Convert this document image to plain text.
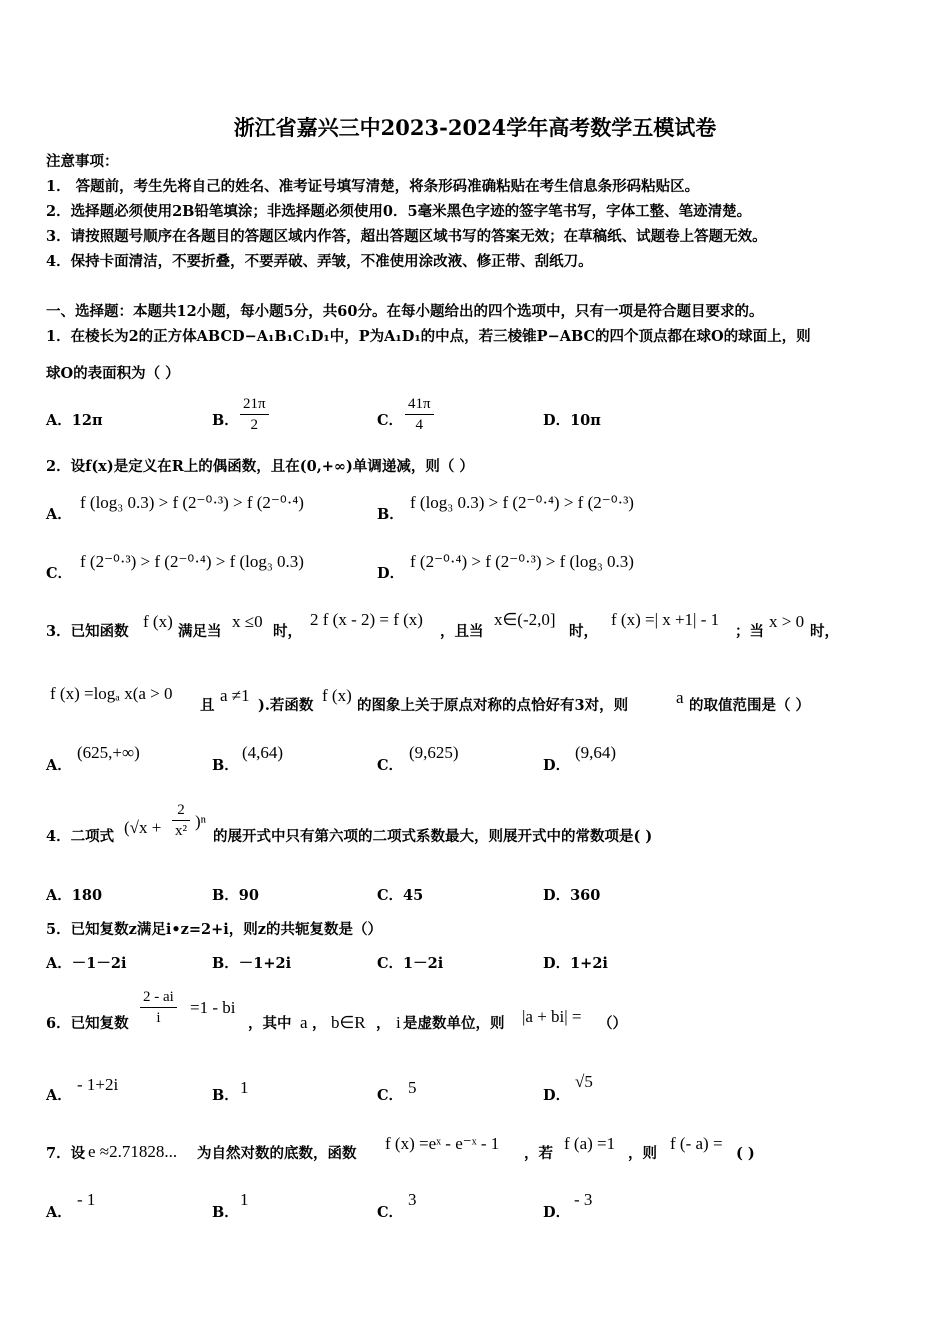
浙江省嘉兴三中2023-2024学年高考数学五模试卷
注意事项：
1． 答题前，考生先将自己的姓名、准考证号填写清楚，将条形码准确粘贴在考生信息条形码粘贴区。
2．选择题必须使用2B铅笔填涂；非选择题必须使用0．5毫米黑色字迹的签字笔书写，字体工整、笔迹清楚。
3．请按照题号顺序在各题目的答题区域内作答，超出答题区域书写的答案无效；在草稿纸、试题卷上答题无效。
4．保持卡面清洁，不要折叠，不要弄破、弄皱，不准使用涂改液、修正带、刮纸刀。
一、选择题：本题共12小题，每小题5分，共60分。在每小题给出的四个选项中，只有一项是符合题目要求的。
1．在棱长为2的正方体ABCD−A₁B₁C₁D₁中，P为A₁D₁的中点，若三棱锥P−ABC的四个顶点都在球O的球面上，则
球O的表面积为（ ）
A．12π	B． $\frac{21\pi}{2}$	C． $\frac{41\pi}{4}$	D．10π
2．设f(x)是定义在R上的偶函数，且在(0,+∞)单调递减，则（ ）
A．
f (log₃ 0.3) > f (2⁻⁰·³) > f (2⁻⁰·⁴)
B．
f (log₃ 0.3) > f (2⁻⁰·⁴) > f (2⁻⁰·³)
C．
f (2⁻⁰·³) > f (2⁻⁰·⁴) > f (log₃ 0.3)
D．
f (2⁻⁰·⁴) > f (2⁻⁰·³) > f (log₃ 0.3)
3．已知函数
f (x)
满足当
x ≤0
时，
2 f (x - 2) = f (x)
，且当
x∈(-2,0]
时，
f (x) =| x +1| - 1
；当
x > 0
时，
f (x) =logₐ x(a > 0
且
a ≠1
).若函数
f (x)
的图象上关于原点对称的点恰好有3对，则	a 的取值范围是（ ）
A．
(625,+∞)
B．
(4,64)
C．
(9,625)
D．
(9,64)
4．二项式 $(√x + \frac{2}{\text{x²}} )^n$
的展开式中只有第六项的二项式系数最大，则展开式中的常数项是( )
A．180	B．90	C．45	D．360
5．已知复数z满足i•z=2+i，则z的共轭复数是（）
A．－1－2i	B．－1+2i	C．1－2i	D．1+2i
6．已知复数 $\frac{2 - ai}{i} =1$ - bi
，其中 a ， b∈R ， i 是虚数单位，则 |a + bi| = （）
A．
- 1+2i
B． 1	C． 5	D．
√5
7．设 e ≈2.71828... 为自然对数的底数，函数
f (x) =eˣ - e⁻ˣ - 1
，若
f (a) =1
，则
f (- a) =
( )
A．
- 1
B．
1
C．
3
D．
- 3
